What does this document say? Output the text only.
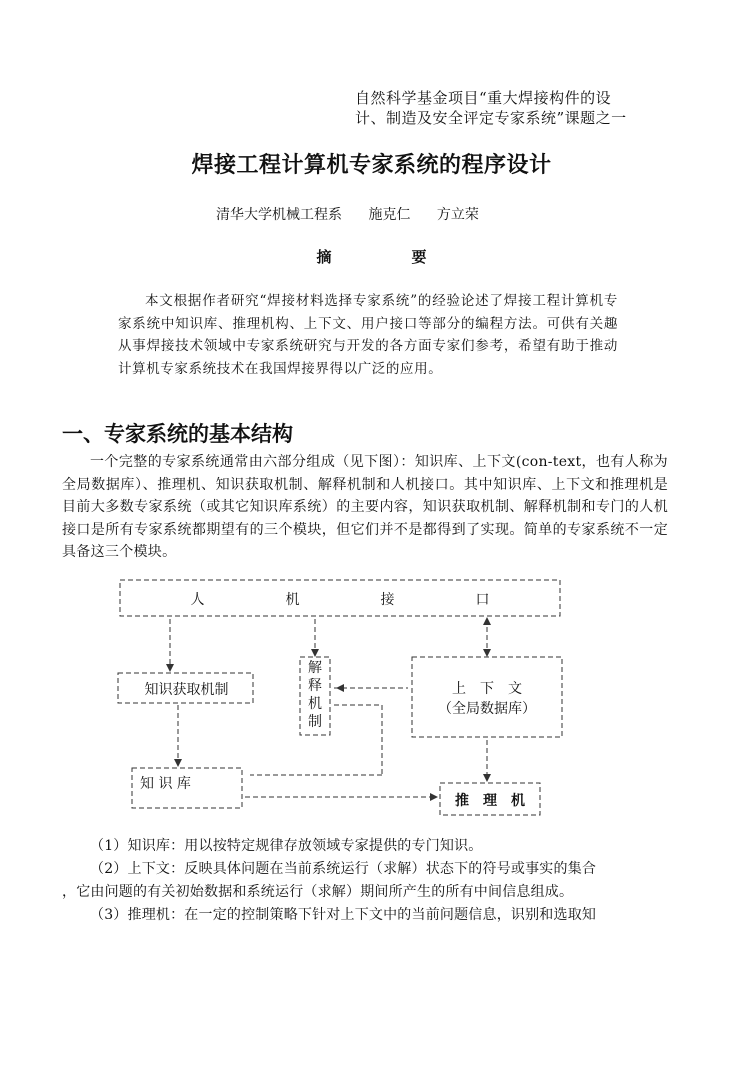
自然科学基金项目“重大焊接构件的设
计、制造及安全评定专家系统”课题之一
焊接工程计算机专家系统的程序设计
清华大学机械工程系 施克仁 方立荣
摘要
本文根据作者研究“焊接材料选择专家系统”的经验论述了焊接工程计算机专家系统中知识库、推理机构、上下文、用户接口等部分的编程方法。可供有关趣从事焊接技术领域中专家系统研究与开发的各方面专家们参考，希望有助于推动计算机专家系统技术在我国焊接界得以广泛的应用。
一、专家系统的基本结构
一个完整的专家系统通常由六部分组成（见下图）：知识库、上下文(con-text，也有人称为全局数据库）、推理机、知识获取机制、解释机制和人机接口。其中知识库、上下文和推理机是目前大多数专家系统（或其它知识库系统）的主要内容，知识获取机制、解释机制和专门的人机接口是所有专家系统都期望有的三个模块，但它们并不是都得到了实现。简单的专家系统不一定具备这三个模块。
人	机	接	口
知识获取机制
解
释
机
制
上　下　文
（全局数据库）
知 识 库
推　理　机

（1）知识库：用以按特定规律存放领域专家提供的专门知识。

（2）上下文：反映具体问题在当前系统运行（求解）状态下的符号或事实的集合

，它由问题的有关初始数据和系统运行（求解）期间所产生的所有中间信息组成。

（3）推理机：在一定的控制策略下针对上下文中的当前问题信息，识别和选取知
